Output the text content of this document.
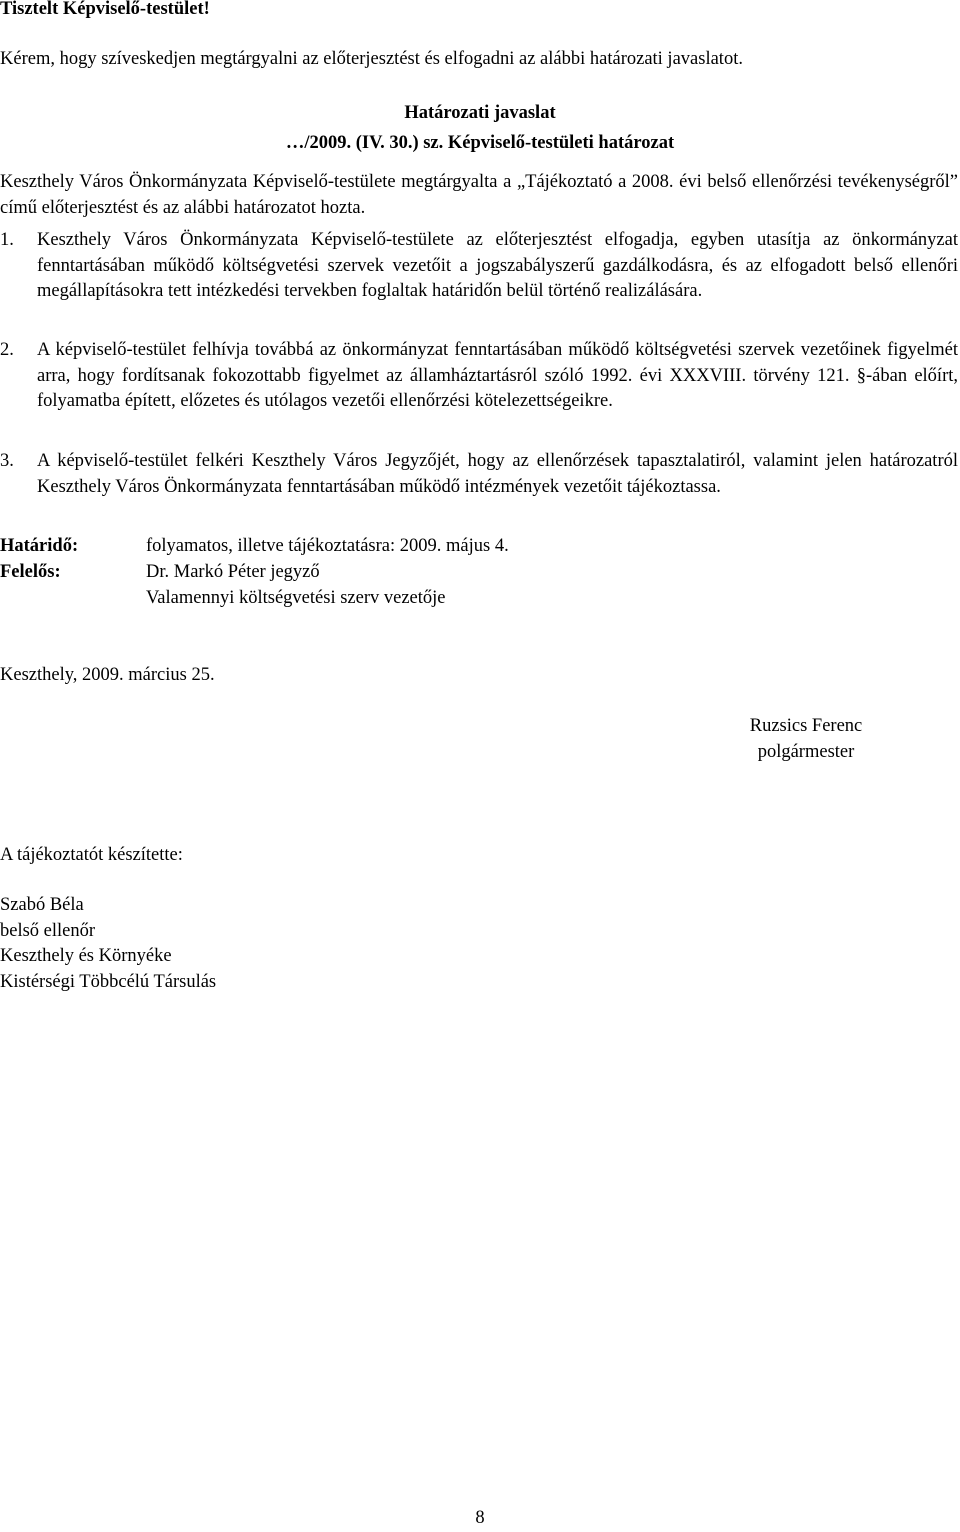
Tisztelt Képviselő-testület!
Kérem, hogy szíveskedjen megtárgyalni az előterjesztést és elfogadni az alábbi határozati javaslatot.
Határozati javaslat
…/2009. (IV. 30.) sz. Képviselő-testületi határozat
Keszthely Város Önkormányzata Képviselő-testülete megtárgyalta a „Tájékoztató a 2008. évi belső ellenőrzési tevékenységről” című előterjesztést és az alábbi határozatot hozta.
1. Keszthely Város Önkormányzata Képviselő-testülete az előterjesztést elfogadja, egyben utasítja az önkormányzat fenntartásában működő költségvetési szervek vezetőit a jogszabályszerű gazdálkodásra, és az elfogadott belső ellenőri megállapításokra tett intézkedési tervekben foglaltak határidőn belül történő realizálására.
2. A képviselő-testület felhívja továbbá az önkormányzat fenntartásában működő költségvetési szervek vezetőinek figyelmét arra, hogy fordítsanak fokozottabb figyelmet az államháztartásról szóló 1992. évi XXXVIII. törvény 121. §-ában előírt, folyamatba épített, előzetes és utólagos vezetői ellenőrzési kötelezettségeikre.
3. A képviselő-testület felkéri Keszthely Város Jegyzőjét, hogy az ellenőrzések tapasztalatiról, valamint jelen határozatról Keszthely Város Önkormányzata fenntartásában működő intézmények vezetőit tájékoztassa.
Határidő:	folyamatos, illetve tájékoztatásra: 2009. május 4.
Felelős:	Dr. Markó Péter jegyző
Valamennyi költségvetési szerv vezetője
Keszthely, 2009. március 25.
Ruzsics Ferenc
polgármester
A tájékoztatót készítette:
Szabó Béla
belső ellenőr
Keszthely és Környéke
Kistérségi Többcélú Társulás
8
